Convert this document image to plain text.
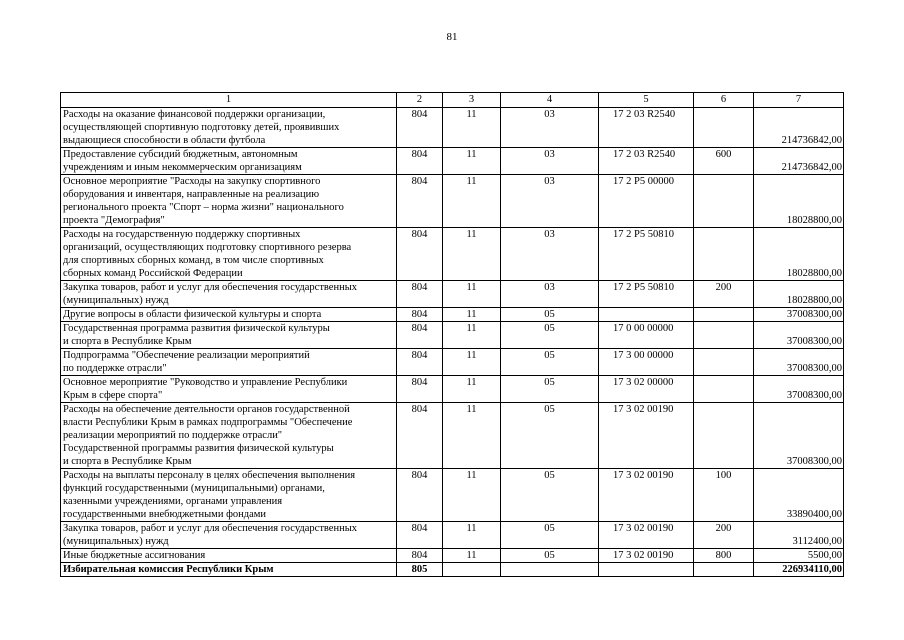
81
1	2	3	4	5	6	7
Расходы на оказание финансовой поддержки организации,
осуществляющей спортивную подготовку детей, проявивших
выдающиеся способности в области футбола	804	11	03	17 2 03 R2540		214736842,00
Предоставление субсидий бюджетным, автономным
учреждениям и иным некоммерческим организациям	804	11	03	17 2 03 R2540	600	214736842,00
Основное мероприятие "Расходы на закупку спортивного
оборудования и инвентаря, направленные на реализацию
регионального проекта "Спорт – норма жизни" национального
проекта "Демография"	804	11	03	17 2 P5 00000		18028800,00
Расходы на государственную поддержку спортивных
организаций, осуществляющих подготовку спортивного резерва
для спортивных сборных команд, в том числе спортивных
сборных команд Российской Федерации	804	11	03	17 2 P5 50810		18028800,00
Закупка товаров, работ и услуг для обеспечения государственных
(муниципальных) нужд	804	11	03	17 2 P5 50810	200	18028800,00
Другие вопросы в области физической культуры и спорта	804	11	05			37008300,00
Государственная программа развития физической культуры
и спорта в Республике Крым	804	11	05	17 0 00 00000		37008300,00
Подпрограмма "Обеспечение реализации мероприятий
по поддержке отрасли"	804	11	05	17 3 00 00000		37008300,00
Основное мероприятие "Руководство и управление Республики
Крым в сфере спорта"	804	11	05	17 3 02 00000		37008300,00
Расходы на обеспечение деятельности органов государственной
власти Республики Крым в рамках подпрограммы "Обеспечение
реализации мероприятий по поддержке отрасли"
Государственной программы развития физической культуры
и спорта в Республике Крым	804	11	05	17 3 02 00190		37008300,00
Расходы на выплаты персоналу в целях обеспечения выполнения
функций государственными (муниципальными) органами,
казенными учреждениями, органами управления
государственными внебюджетными фондами	804	11	05	17 3 02 00190	100	33890400,00
Закупка товаров, работ и услуг для обеспечения государственных
(муниципальных) нужд	804	11	05	17 3 02 00190	200	3112400,00
Иные бюджетные ассигнования	804	11	05	17 3 02 00190	800	5500,00
Избирательная комиссия Республики Крым	805					226934110,00
